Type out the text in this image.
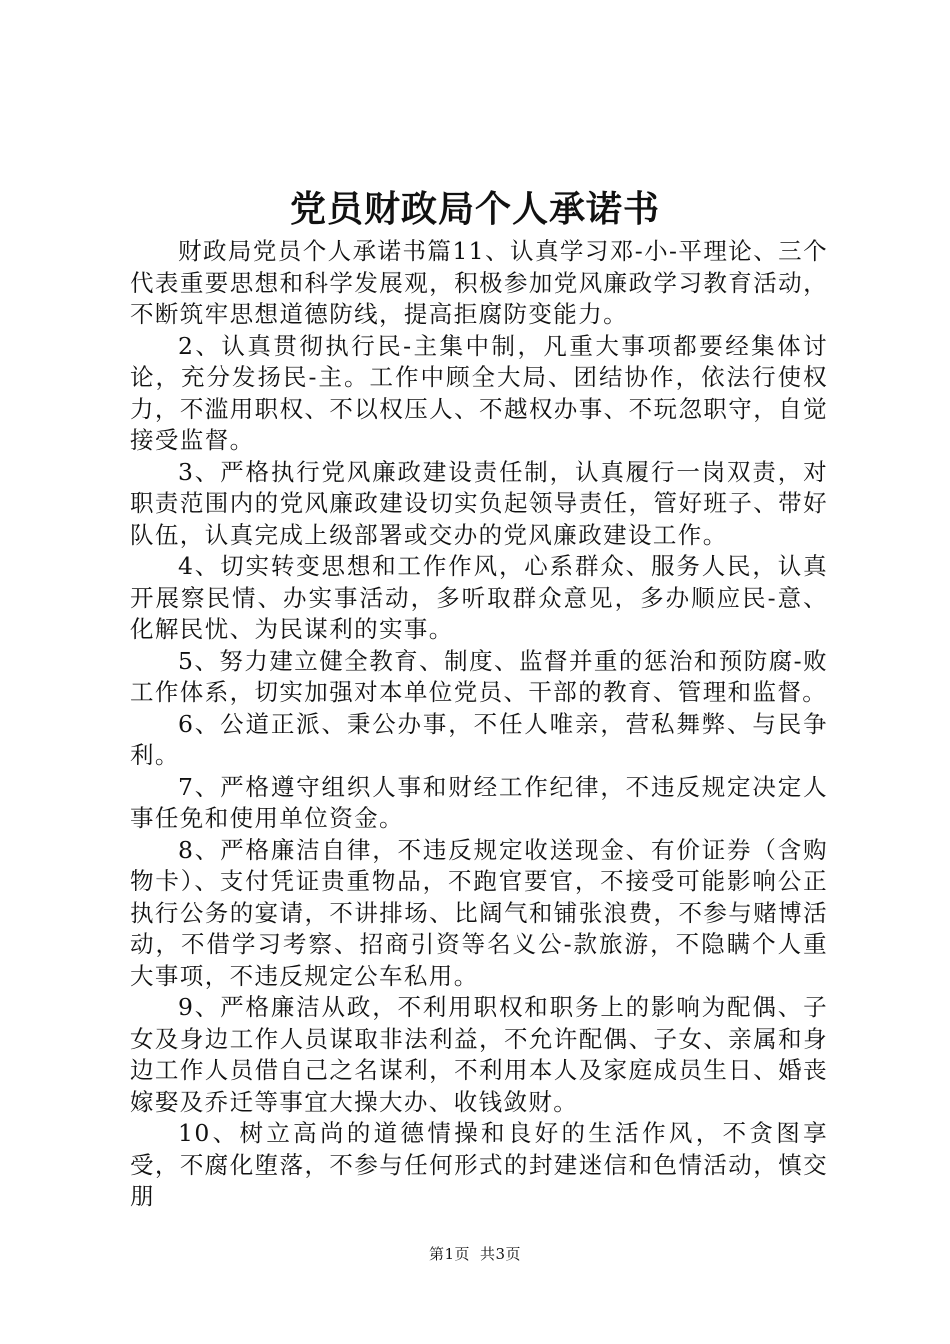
党员财政局个人承诺书

财政局党员个人承诺书篇11、认真学习邓-小-平理论、三个代表重要思想和科学发展观，积极参加党风廉政学习教育活动，不断筑牢思想道德防线，提高拒腐防变能力。

2、认真贯彻执行民-主集中制，凡重大事项都要经集体讨论，充分发扬民-主。工作中顾全大局、团结协作，依法行使权力，不滥用职权、不以权压人、不越权办事、不玩忽职守，自觉接受监督。

3、严格执行党风廉政建设责任制，认真履行一岗双责，对职责范围内的党风廉政建设切实负起领导责任，管好班子、带好队伍，认真完成上级部署或交办的党风廉政建设工作。

4、切实转变思想和工作作风，心系群众、服务人民，认真开展察民情、办实事活动，多听取群众意见，多办顺应民-意、化解民忧、为民谋利的实事。

5、努力建立健全教育、制度、监督并重的惩治和预防腐-败工作体系，切实加强对本单位党员、干部的教育、管理和监督。

6、公道正派、秉公办事，不任人唯亲，营私舞弊、与民争利。

7、严格遵守组织人事和财经工作纪律，不违反规定决定人事任免和使用单位资金。

8、严格廉洁自律，不违反规定收送现金、有价证券（含购物卡）、支付凭证贵重物品，不跑官要官，不接受可能影响公正执行公务的宴请，不讲排场、比阔气和铺张浪费，不参与赌博活动，不借学习考察、招商引资等名义公-款旅游，不隐瞒个人重大事项，不违反规定公车私用。

9、严格廉洁从政，不利用职权和职务上的影响为配偶、子女及身边工作人员谋取非法利益，不允许配偶、子女、亲属和身边工作人员借自己之名谋利，不利用本人及家庭成员生日、婚丧嫁娶及乔迁等事宜大操大办、收钱敛财。

10、树立高尚的道德情操和良好的生活作风，不贪图享受，不腐化堕落，不参与任何形式的封建迷信和色情活动，慎交朋

第1页 共3页
